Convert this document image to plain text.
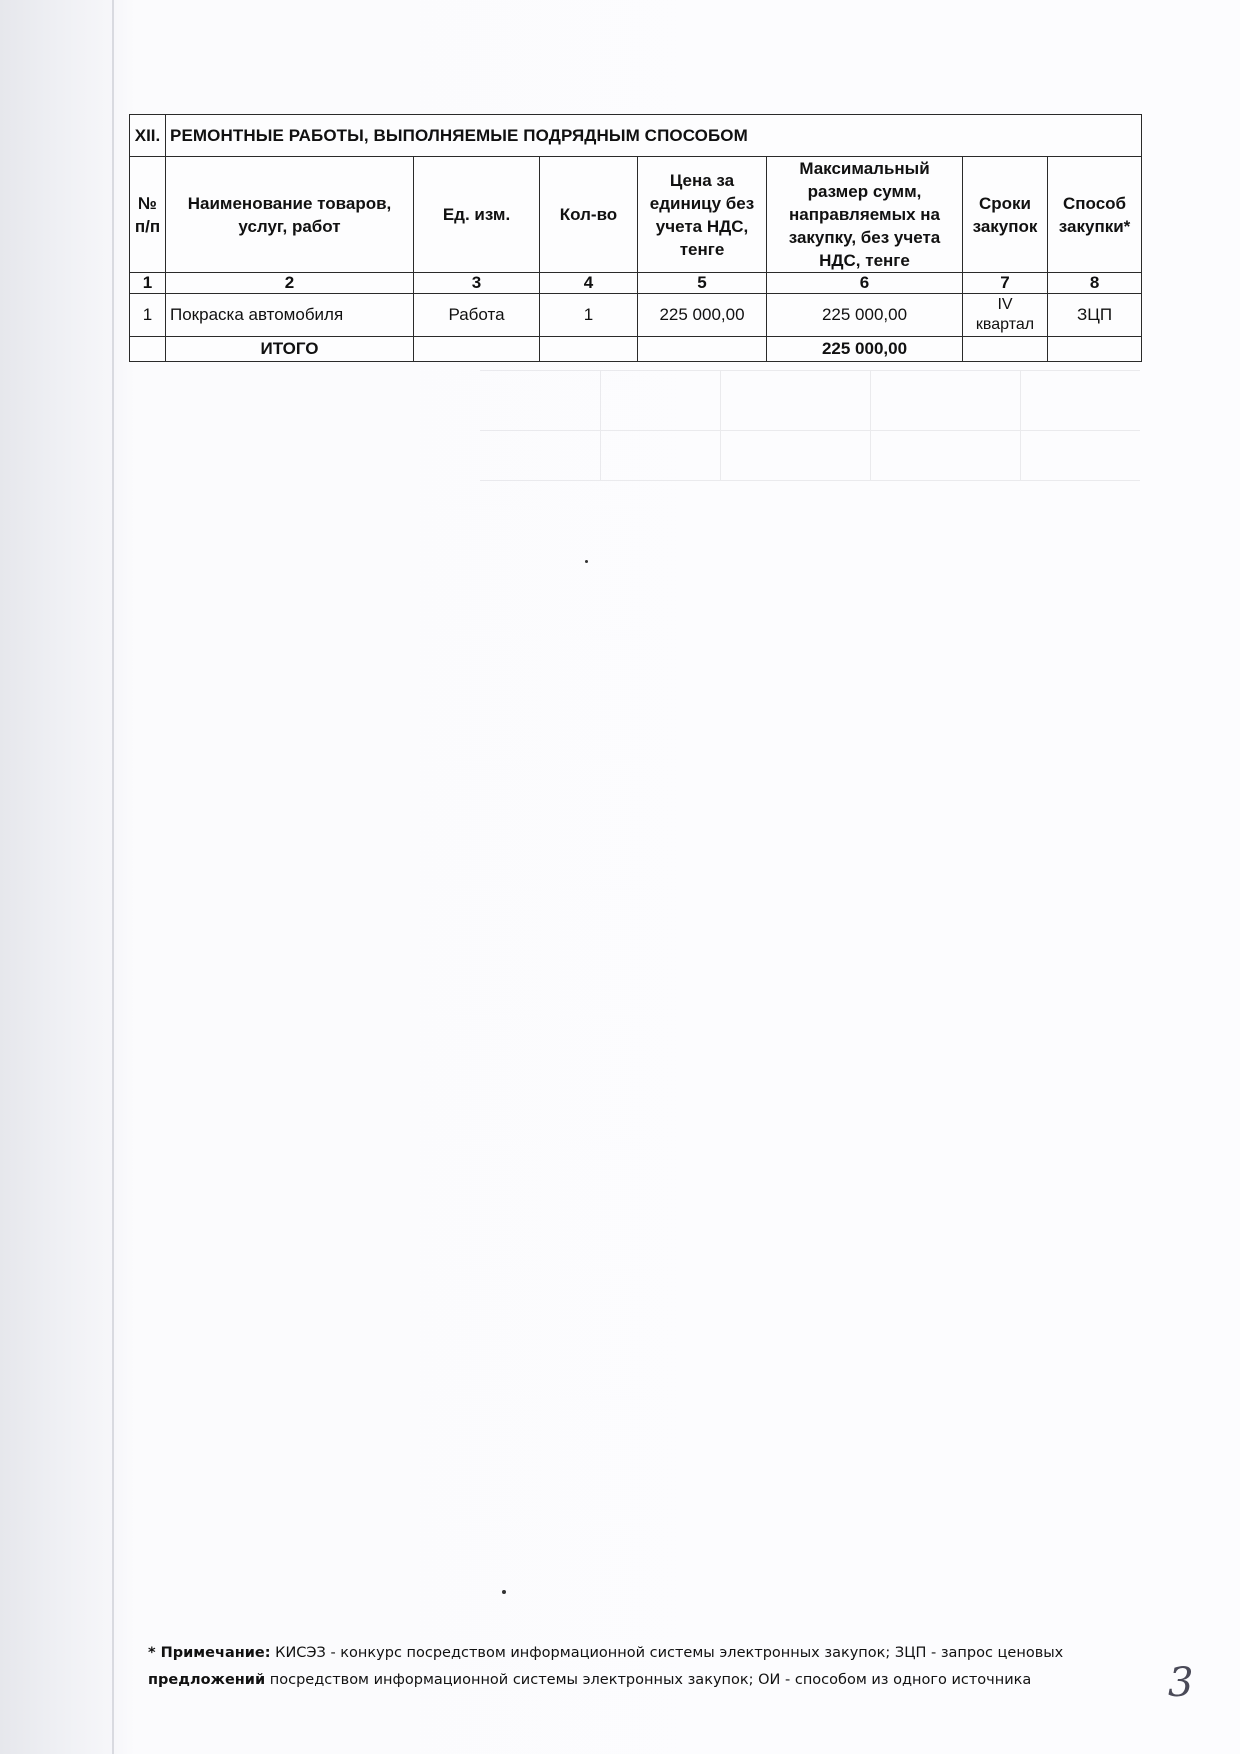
XII.	РЕМОНТНЫЕ РАБОТЫ, ВЫПОЛНЯЕМЫЕ ПОДРЯДНЫМ СПОСОБОМ						
№ п/п	Наименование товаров, услуг, работ	Ед. изм.	Кол-во	Цена за единицу без учета НДС, тенге	Максимальный размер сумм, направляемых на закупку, без учета НДС, тенге	Сроки закупок	Способ закупки*
1	2	3	4	5	6	7	8
1	Покраска автомобиля	Работа	1	225 000,00	225 000,00	IV квартал	ЗЦП
	ИТОГО				225 000,00		
* Примечание: КИСЭЗ - конкурс посредством информационной системы электронных закупок; ЗЦП - запрос ценовых
предложений посредством информационной системы электронных закупок; ОИ - способом из одного источника	3
